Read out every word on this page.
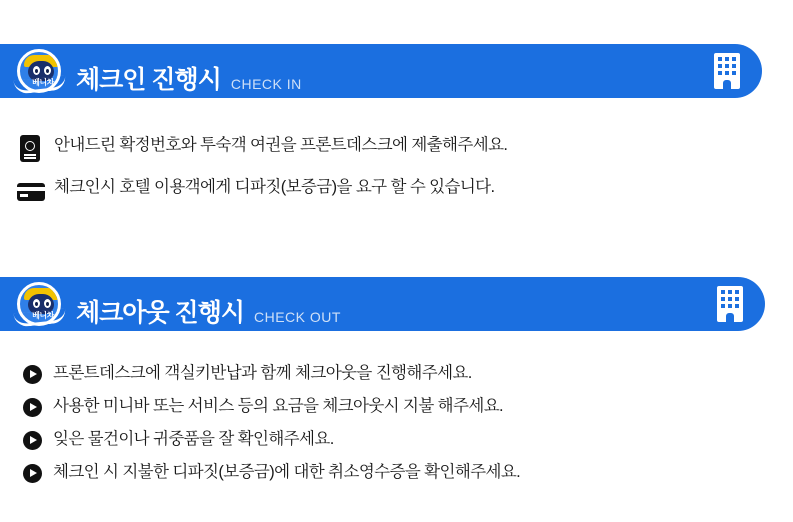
베니차 체크인 진행시 CHECK IN
안내드린 확정번호와 투숙객 여권을 프론트데스크에 제출해주세요.
체크인시 호텔 이용객에게 디파짓(보증금)을 요구 할 수 있습니다.
베니차 체크아웃 진행시 CHECK OUT
프론트데스크에 객실키반납과 함께 체크아웃을 진행해주세요.
사용한 미니바 또는 서비스 등의 요금을 체크아웃시 지불 해주세요.
잊은 물건이나 귀중품을 잘 확인해주세요.
체크인 시 지불한 디파짓(보증금)에 대한 취소영수증을 확인해주세요.
